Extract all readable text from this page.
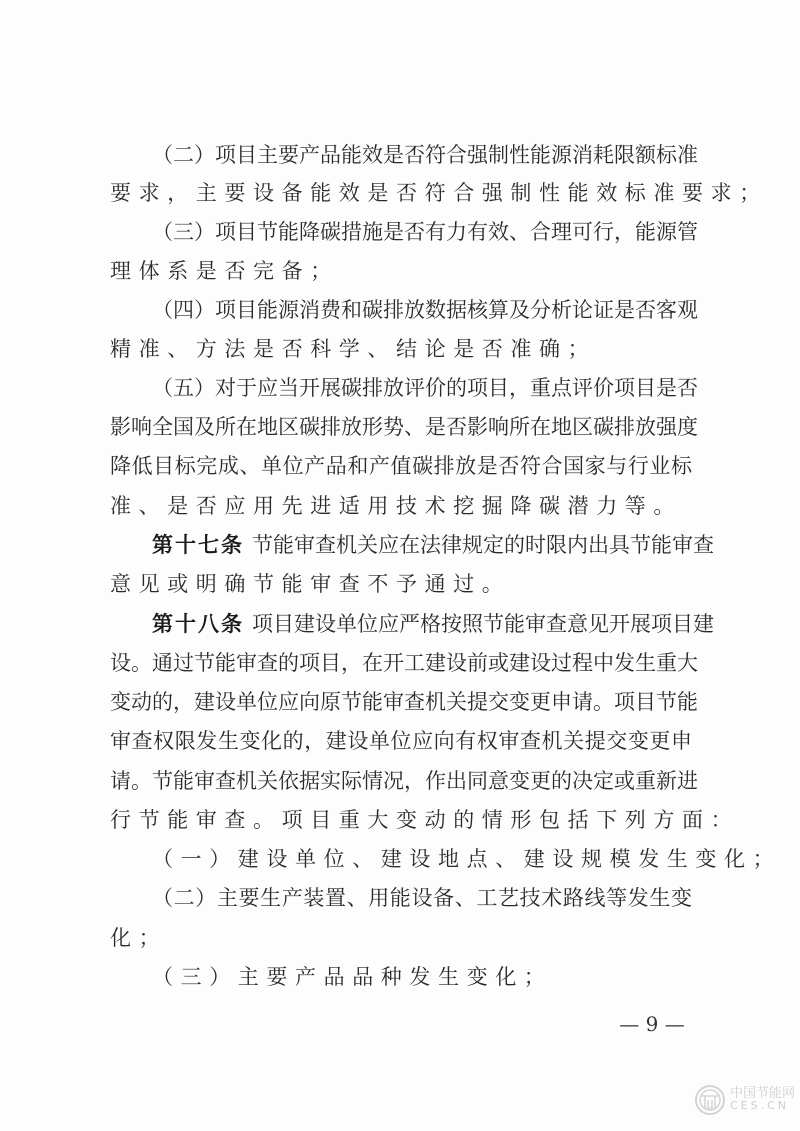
（二）项目主要产品能效是否符合强制性能源消耗限额标准
要求，主要设备能效是否符合强制性能效标准要求；
（三）项目节能降碳措施是否有力有效、合理可行，能源管
理体系是否完备；
（四）项目能源消费和碳排放数据核算及分析论证是否客观
精准、方法是否科学、结论是否准确；
（五）对于应当开展碳排放评价的项目，重点评价项目是否
影响全国及所在地区碳排放形势、是否影响所在地区碳排放强度
降低目标完成、单位产品和产值碳排放是否符合国家与行业标
准、是否应用先进适用技术挖掘降碳潜力等。
第十七条 节能审查机关应在法律规定的时限内出具节能审查
意见或明确节能审查不予通过。
第十八条 项目建设单位应严格按照节能审查意见开展项目建
设。通过节能审查的项目，在开工建设前或建设过程中发生重大
变动的，建设单位应向原节能审查机关提交变更申请。项目节能
审查权限发生变化的，建设单位应向有权审查机关提交变更申
请。节能审查机关依据实际情况，作出同意变更的决定或重新进
行节能审查。项目重大变动的情形包括下列方面：
（一）建设单位、建设地点、建设规模发生变化；
（二）主要生产装置、用能设备、工艺技术路线等发生变
化；
（三）主要产品品种发生变化；
— 9 —
中国节能网
CES.CN
